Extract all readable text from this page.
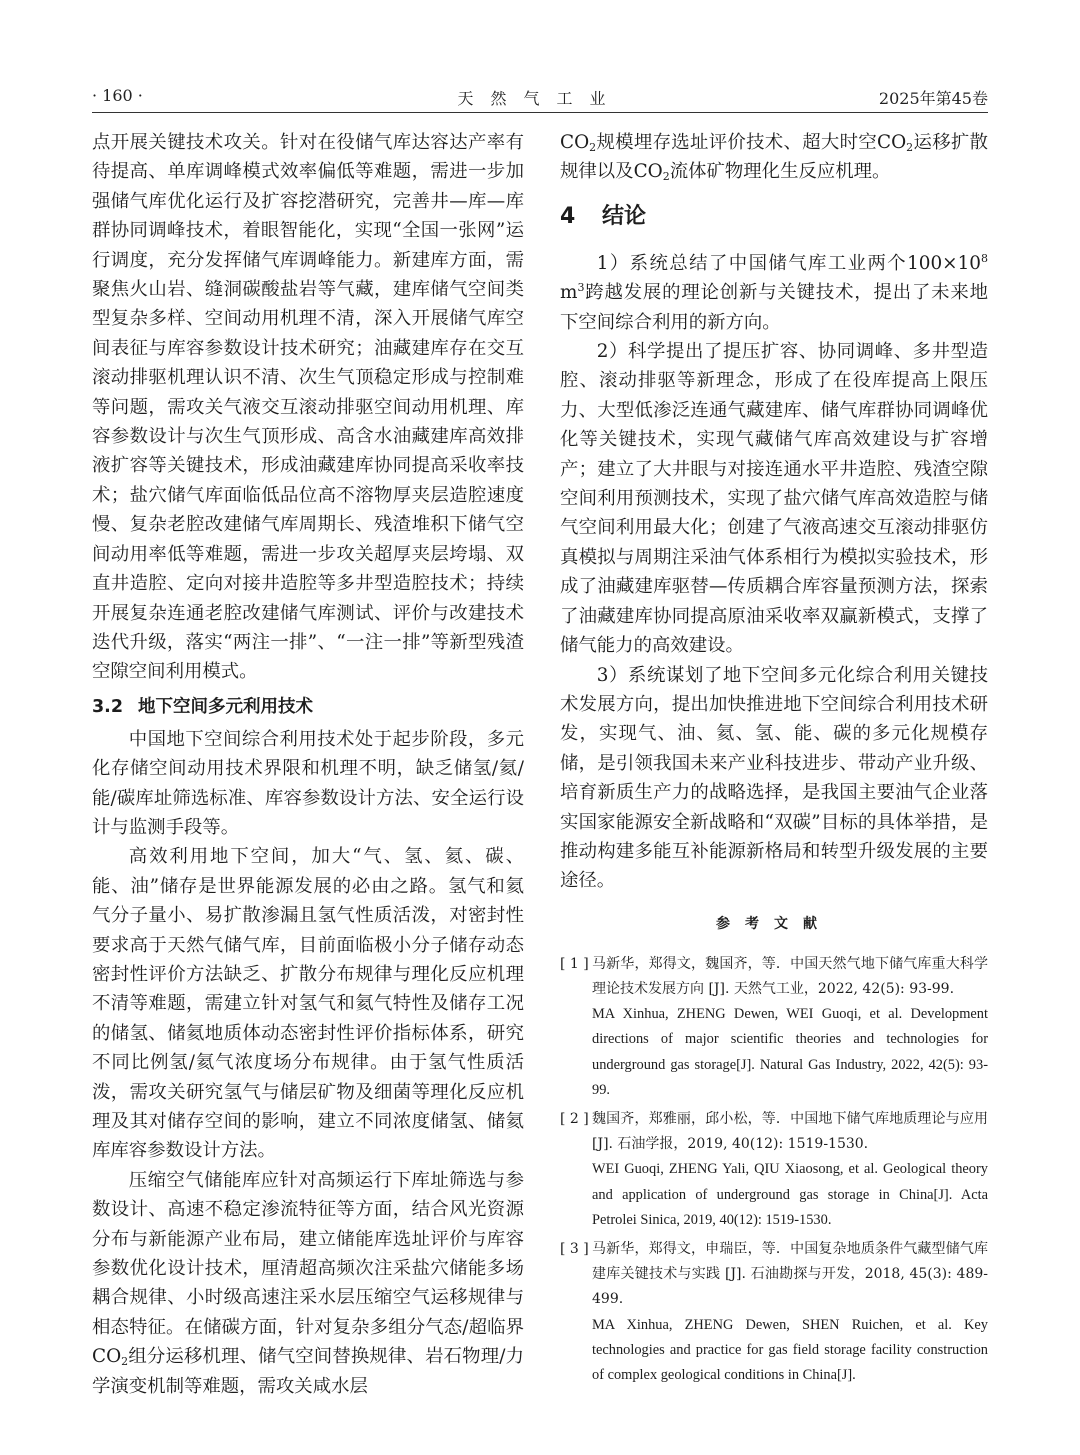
· 160 ·	天然气工业	2025年第45卷

点开展关键技术攻关。针对在役储气库达容达产率有待提高、单库调峰模式效率偏低等难题，需进一步加强储气库优化运行及扩容挖潜研究，完善井—库—库群协同调峰技术，着眼智能化，实现“全国一张网”运行调度，充分发挥储气库调峰能力。新建库方面，需聚焦火山岩、缝洞碳酸盐岩等气藏，建库储气空间类型复杂多样、空间动用机理不清，深入开展储气库空间表征与库容参数设计技术研究；油藏建库存在交互滚动排驱机理认识不清、次生气顶稳定形成与控制难等问题，需攻关气液交互滚动排驱空间动用机理、库容参数设计与次生气顶形成、高含水油藏建库高效排液扩容等关键技术，形成油藏建库协同提高采收率技术；盐穴储气库面临低品位高不溶物厚夹层造腔速度慢、复杂老腔改建储气库周期长、残渣堆积下储气空间动用率低等难题，需进一步攻关超厚夹层垮塌、双直井造腔、定向对接井造腔等多井型造腔技术；持续开展复杂连通老腔改建储气库测试、评价与改建技术迭代升级，落实“两注一排”、“一注一排”等新型残渣空隙空间利用模式。

3.2 地下空间多元利用技术

中国地下空间综合利用技术处于起步阶段，多元化存储空间动用技术界限和机理不明，缺乏储氢/氦/能/碳库址筛选标准、库容参数设计方法、安全运行设计与监测手段等。

高效利用地下空间，加大“气、氢、氦、碳、能、油”储存是世界能源发展的必由之路。氢气和氦气分子量小、易扩散渗漏且氢气性质活泼，对密封性要求高于天然气储气库，目前面临极小分子储存动态密封性评价方法缺乏、扩散分布规律与理化反应机理不清等难题，需建立针对氢气和氦气特性及储存工况的储氢、储氦地质体动态密封性评价指标体系，研究不同比例氢/氦气浓度场分布规律。由于氢气性质活泼，需攻关研究氢气与储层矿物及细菌等理化反应机理及其对储存空间的影响，建立不同浓度储氢、储氦库库容参数设计方法。

压缩空气储能库应针对高频运行下库址筛选与参数设计、高速不稳定渗流特征等方面，结合风光资源分布与新能源产业布局，建立储能库选址评价与库容参数优化设计技术，厘清超高频次注采盐穴储能多场耦合规律、小时级高速注采水层压缩空气运移规律与相态特征。在储碳方面，针对复杂多组分气态/超临界$CO_2$组分运移机理、储气空间替换规律、岩石物理/力学演变机制等难题，需攻关咸水层

$CO_2$规模埋存选址评价技术、超大时空$CO_2$运移扩散规律以及$CO_2$流体矿物理化生反应机理。

4 结论

1）系统总结了中国储气库工业两个$100\times 10^8$ $m^3$跨越发展的理论创新与关键技术，提出了未来地下空间综合利用的新方向。

2）科学提出了提压扩容、协同调峰、多井型造腔、滚动排驱等新理念，形成了在役库提高上限压力、大型低渗泛连通气藏建库、储气库群协同调峰优化等关键技术，实现气藏储气库高效建设与扩容增产；建立了大井眼与对接连通水平井造腔、残渣空隙空间利用预测技术，实现了盐穴储气库高效造腔与储气空间利用最大化；创建了气液高速交互滚动排驱仿真模拟与周期注采油气体系相行为模拟实验技术，形成了油藏建库驱替—传质耦合库容量预测方法，探索了油藏建库协同提高原油采收率双赢新模式，支撑了储气能力的高效建设。

3）系统谋划了地下空间多元化综合利用关键技术发展方向，提出加快推进地下空间综合利用技术研发，实现气、油、氦、氢、能、碳的多元化规模存储，是引领我国未来产业科技进步、带动产业升级、培育新质生产力的战略选择，是我国主要油气企业落实国家能源安全新战略和“双碳”目标的具体举措，是推动构建多能互补能源新格局和转型升级发展的主要途径。

参考文献
[ 1 ] 马新华，郑得文，魏国齐，等．中国天然气地下储气库重大科学理论技术发展方向 [J]. 天然气工业，2022, 42(5): 93-99.
MA Xinhua, ZHENG Dewen, WEI Guoqi, et al. Development directions of major scientific theories and technologies for underground gas storage[J]. Natural Gas Industry, 2022, 42(5): 93-99.
[ 2 ] 魏国齐，郑雅丽，邱小松，等．中国地下储气库地质理论与应用 [J]. 石油学报，2019, 40(12): 1519-1530.
WEI Guoqi, ZHENG Yali, QIU Xiaosong, et al. Geological theory and application of underground gas storage in China[J]. Acta Petrolei Sinica, 2019, 40(12): 1519-1530.
[ 3 ] 马新华，郑得文，申瑞臣，等．中国复杂地质条件气藏型储气库建库关键技术与实践 [J]. 石油勘探与开发，2018, 45(3): 489-499.
MA Xinhua, ZHENG Dewen, SHEN Ruichen, et al. Key technologies and practice for gas field storage facility construction of complex geological conditions in China[J].
